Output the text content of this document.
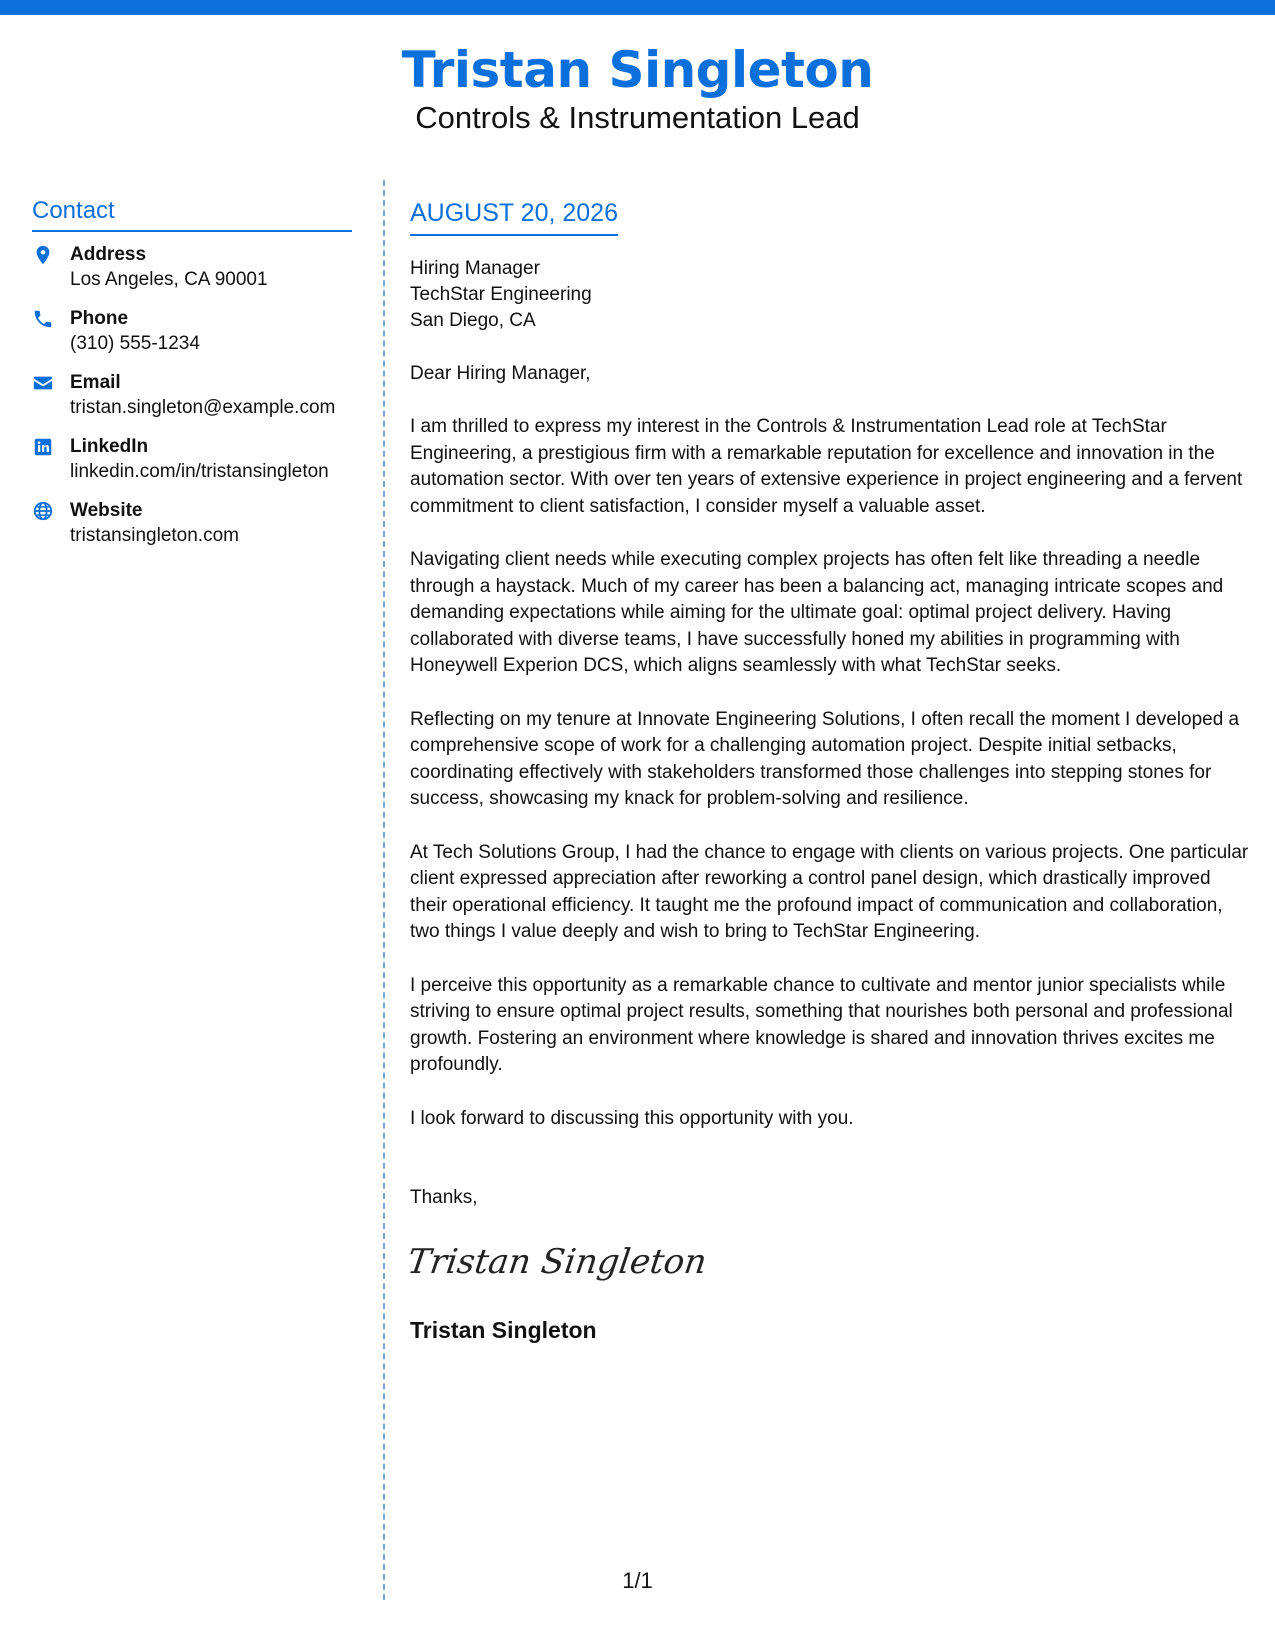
Tristan Singleton
Controls & Instrumentation Lead
Contact
Address
Los Angeles, CA 90001
Phone
(310) 555-1234
Email
tristan.singleton@example.com
LinkedIn
linkedin.com/in/tristansingleton
Website
tristansingleton.com
AUGUST 20, 2026
Hiring Manager
TechStar Engineering
San Diego, CA
Dear Hiring Manager,
I am thrilled to express my interest in the Controls & Instrumentation Lead role at TechStar Engineering, a prestigious firm with a remarkable reputation for excellence and innovation in the automation sector. With over ten years of extensive experience in project engineering and a fervent commitment to client satisfaction, I consider myself a valuable asset.
Navigating client needs while executing complex projects has often felt like threading a needle through a haystack. Much of my career has been a balancing act, managing intricate scopes and demanding expectations while aiming for the ultimate goal: optimal project delivery. Having collaborated with diverse teams, I have successfully honed my abilities in programming with Honeywell Experion DCS, which aligns seamlessly with what TechStar seeks.
Reflecting on my tenure at Innovate Engineering Solutions, I often recall the moment I developed a comprehensive scope of work for a challenging automation project. Despite initial setbacks, coordinating effectively with stakeholders transformed those challenges into stepping stones for success, showcasing my knack for problem-solving and resilience.
At Tech Solutions Group, I had the chance to engage with clients on various projects. One particular client expressed appreciation after reworking a control panel design, which drastically improved their operational efficiency. It taught me the profound impact of communication and collaboration, two things I value deeply and wish to bring to TechStar Engineering.
I perceive this opportunity as a remarkable chance to cultivate and mentor junior specialists while striving to ensure optimal project results, something that nourishes both personal and professional growth. Fostering an environment where knowledge is shared and innovation thrives excites me profoundly.
I look forward to discussing this opportunity with you.
Thanks,
Tristan Singleton
Tristan Singleton
1/1
